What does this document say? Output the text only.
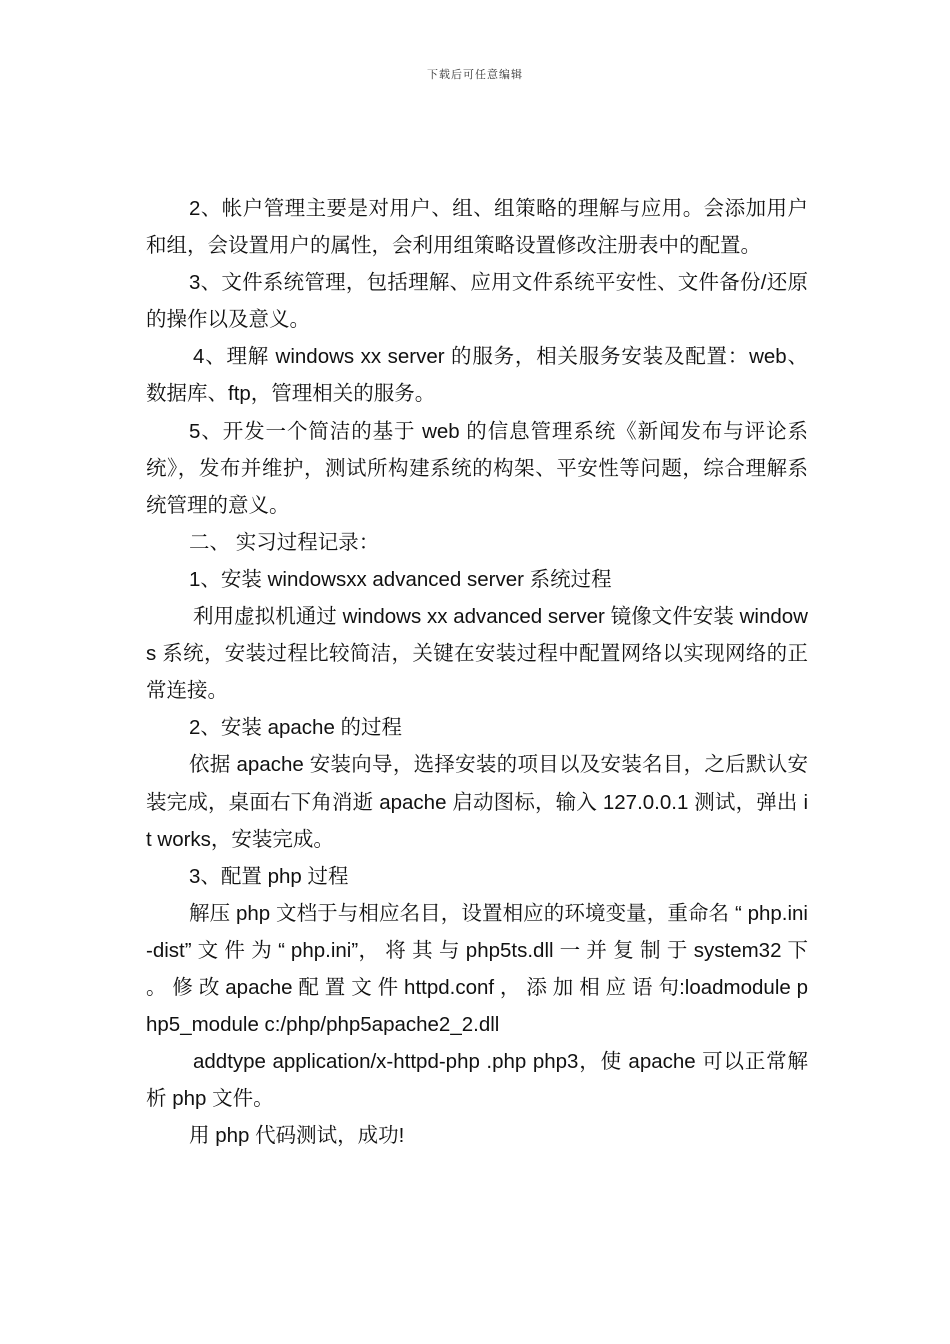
下载后可任意编辑

2、帐户管理主要是对用户、组、组策略的理解与应用。会添加用户和组，会设置用户的属性，会利用组策略设置修改注册表中的配置。

3、文件系统管理，包括理解、应用文件系统平安性、文件备份/还原的操作以及意义。

4、理解 windows xx server 的服务，相关服务安装及配置：web、数据库、ftp，管理相关的服务。

5、开发一个简洁的基于 web 的信息管理系统《新闻发布与评论系统》，发布并维护，测试所构建系统的构架、平安性等问题，综合理解系统管理的意义。

二、 实习过程记录：

1、安装 windowsxx advanced server 系统过程

利用虚拟机通过 windows xx advanced server 镜像文件安装 windows 系统，安装过程比较简洁，关键在安装过程中配置网络以实现网络的正常连接。

2、安装 apache 的过程

依据 apache 安装向导，选择安装的项目以及安装名目，之后默认安装完成，桌面右下角消逝 apache 启动图标，输入 127.0.0.1 测试，弹出 it works，安装完成。

3、配置 php 过程

解压 php 文档于与相应名目，设置相应的环境变量，重命名 “ php.ini-dist” 文 件 为 “ php.ini”， 将 其 与 php5ts.dll 一 并 复 制 于 system32 下 。 修 改 apache 配 置 文 件 httpd.conf ， 添 加 相 应 语 句:loadmodule php5_module c:/php/php5apache2_2.dll

addtype application/x-httpd-php .php php3，使 apache 可以正常解析 php 文件。

用 php 代码测试，成功!
